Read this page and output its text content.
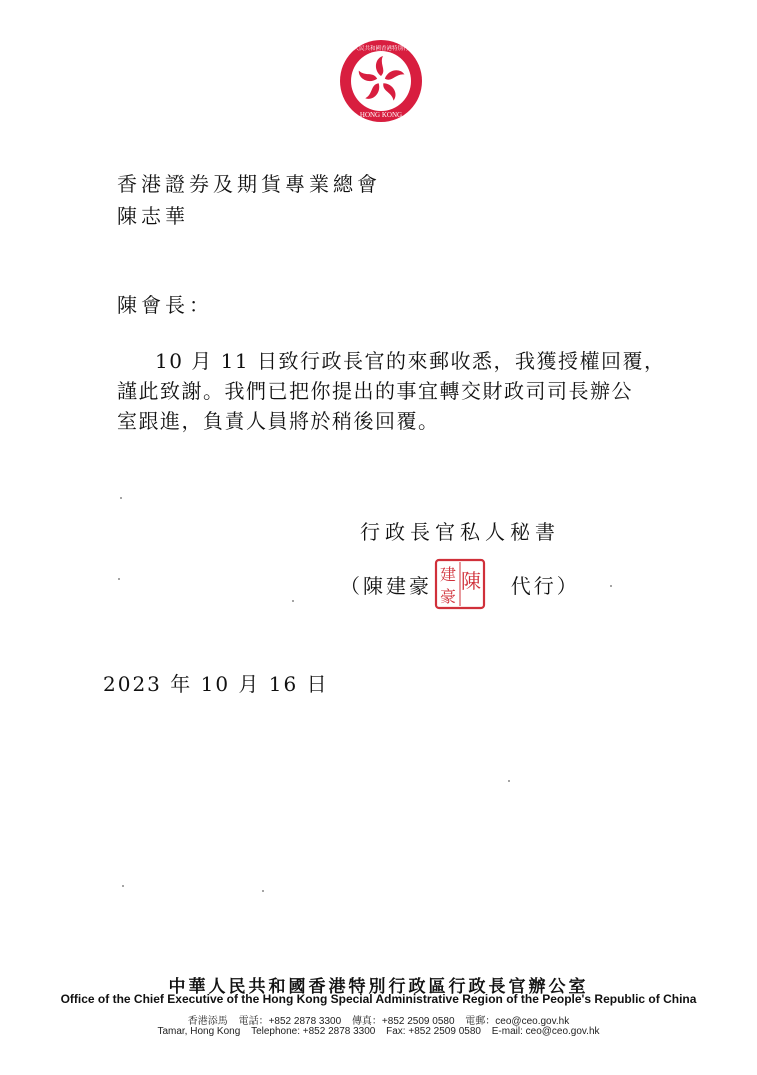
HONG KONG
中華人民共和國香港特別行政區
香港證券及期貨專業總會
陳志華
陳會長：
10 月 11 日致行政長官的來郵收悉，我獲授權回覆，
謹此致謝。我們已把你提出的事宜轉交財政司司長辦公
室跟進，負責人員將於稍後回覆。
行政長官私人秘書
（陳建豪	代行）
陳
建
豪
2023 年 10 月 16 日
中華人民共和國香港特別行政區行政長官辦公室
Office of the Chief Executive of the Hong Kong Special Administrative Region of the People's Republic of China
香港添馬 電話：+852 2878 3300 傳真：+852 2509 0580 電郵：ceo@ceo.gov.hk
Tamar, Hong Kong Telephone: +852 2878 3300 Fax: +852 2509 0580 E-mail: ceo@ceo.gov.hk
